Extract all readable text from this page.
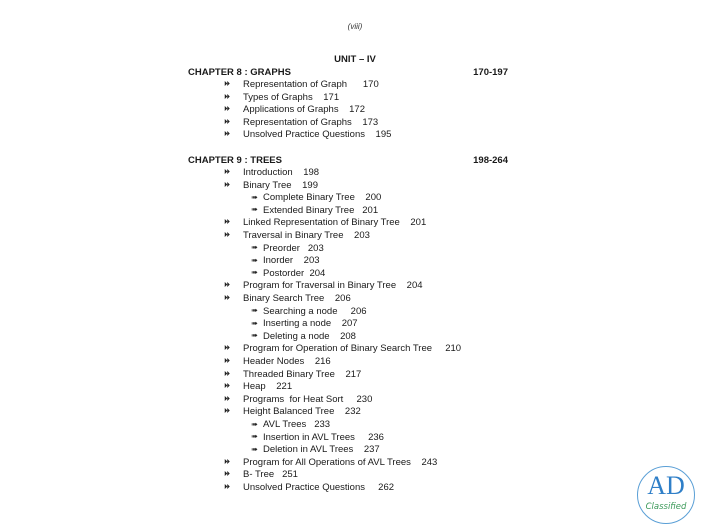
(viii)
UNIT – IV
CHAPTER 8 : GRAPHS	170-197
⏵⏵ Representation of Graph      170
⏵⏵ Types of Graphs    171
⏵⏵ Applications of Graphs    172
⏵⏵ Representation of Graphs    173
⏵⏵ Unsolved Practice Questions    195
CHAPTER 9 : TREES	198-264
⏵⏵ Introduction    198
⏵⏵ Binary Tree    199
➠ Complete Binary Tree    200
➠ Extended Binary Tree   201
⏵⏵ Linked Representation of Binary Tree    201
⏵⏵ Traversal in Binary Tree    203
➠ Preorder   203
➠ Inorder    203
➠ Postorder  204
⏵⏵ Program for Traversal in Binary Tree    204
⏵⏵ Binary Search Tree    206
➠ Searching a node     206
➠ Inserting a node    207
➠ Deleting a node    208
⏵⏵ Program for Operation of Binary Search Tree     210
⏵⏵ Header Nodes    216
⏵⏵ Threaded Binary Tree    217
⏵⏵ Heap    221
⏵⏵ Programs  for Heat Sort     230
⏵⏵ Height Balanced Tree    232
➠ AVL Trees   233
➠ Insertion in AVL Trees     236
➠ Deletion in AVL Trees    237
⏵⏵ Program for All Operations of AVL Trees    243
⏵⏵ B- Tree   251
⏵⏵ Unsolved Practice Questions     262	AD
Classified
